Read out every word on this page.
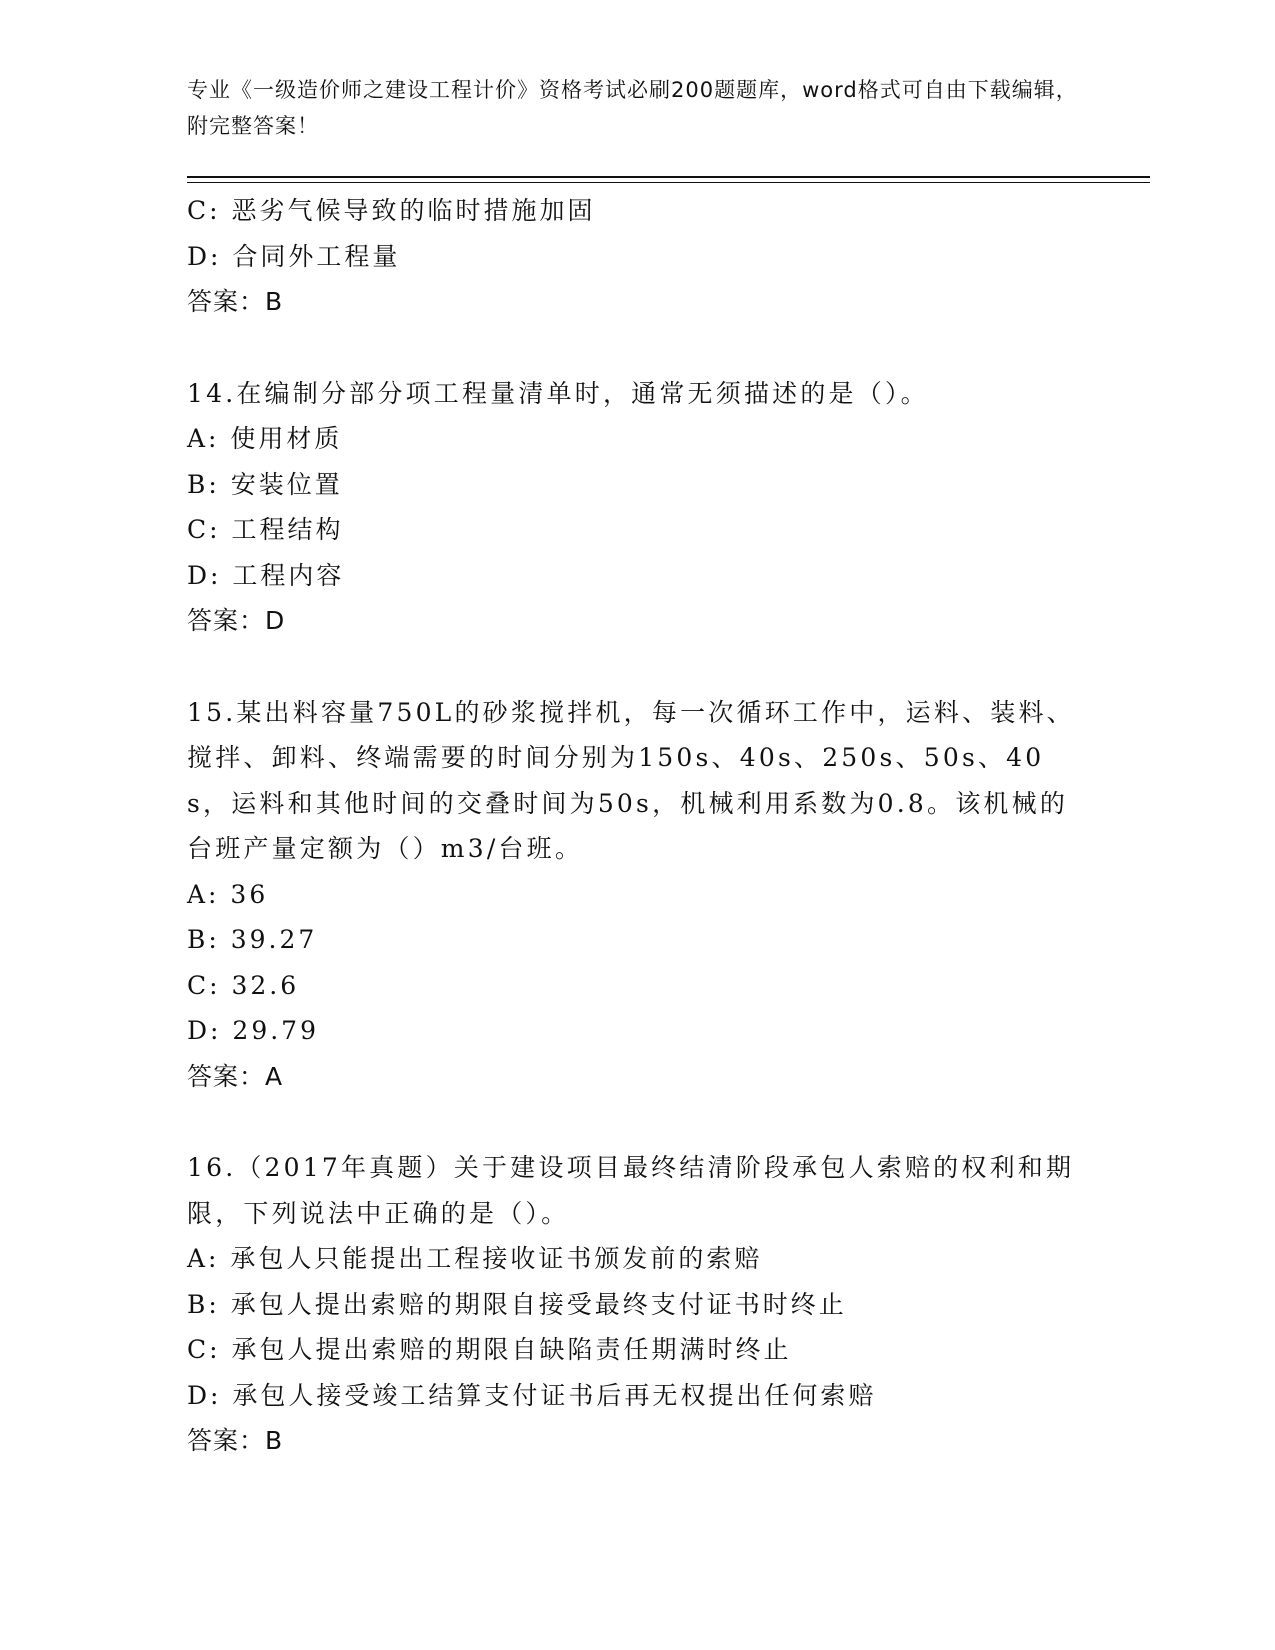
专业《一级造价师之建设工程计价》资格考试必刷200题题库，word格式可自由下载编辑，附完整答案！
C: 恶劣气候导致的临时措施加固
D: 合同外工程量
答案：B
14.在编制分部分项工程量清单时，通常无须描述的是（）。
A: 使用材质
B: 安装位置
C: 工程结构
D: 工程内容
答案：D
15.某出料容量750L的砂浆搅拌机，每一次循环工作中，运料、装料、搅拌、卸料、终端需要的时间分别为150s、40s、250s、50s、40s，运料和其他时间的交叠时间为50s，机械利用系数为0.8。该机械的台班产量定额为（）m3/台班。
A: 36
B: 39.27
C: 32.6
D: 29.79
答案：A
16.（2017年真题）关于建设项目最终结清阶段承包人索赔的权利和期限，下列说法中正确的是（）。
A: 承包人只能提出工程接收证书颁发前的索赔
B: 承包人提出索赔的期限自接受最终支付证书时终止
C: 承包人提出索赔的期限自缺陷责任期满时终止
D: 承包人接受竣工结算支付证书后再无权提出任何索赔
答案：B
